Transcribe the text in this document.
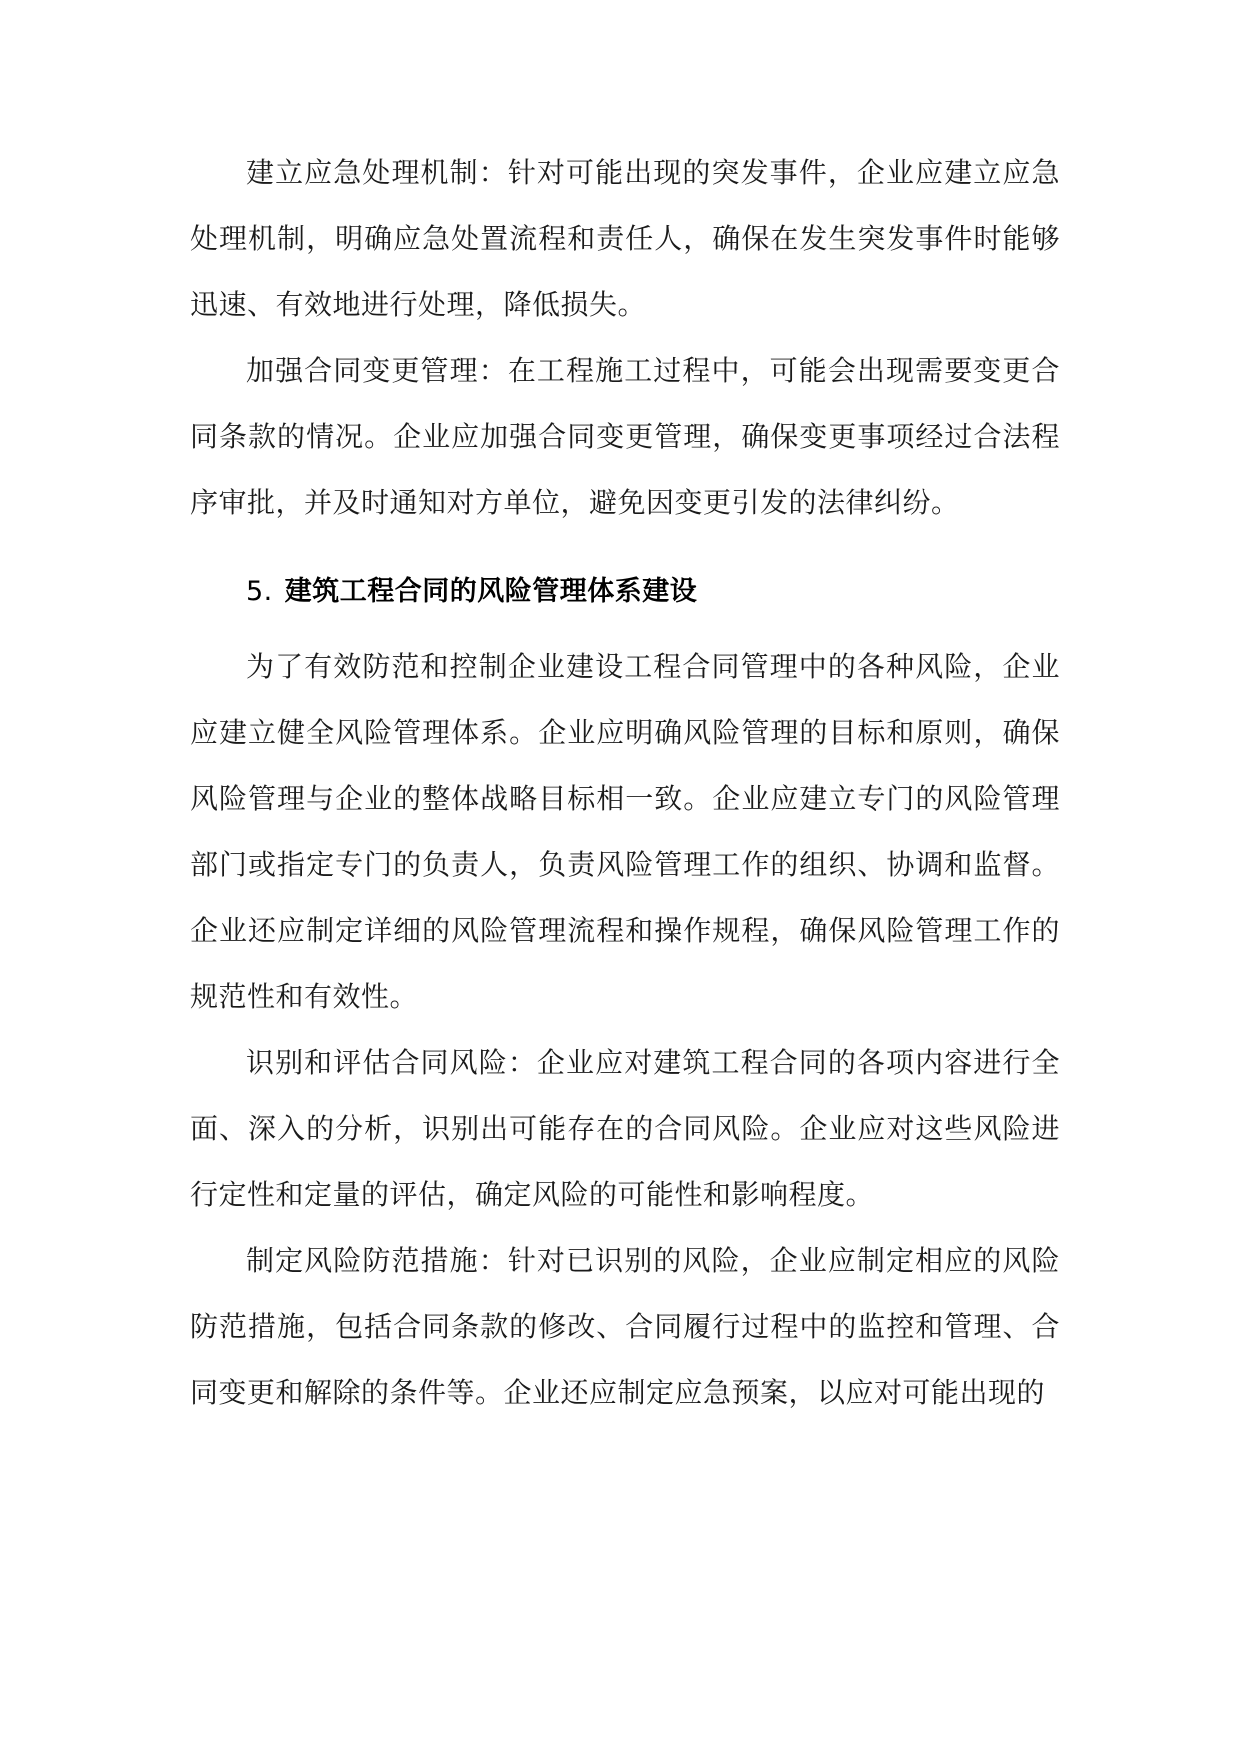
建立应急处理机制：针对可能出现的突发事件，企业应建立应急处理机制，明确应急处置流程和责任人，确保在发生突发事件时能够迅速、有效地进行处理，降低损失。

加强合同变更管理：在工程施工过程中，可能会出现需要变更合同条款的情况。企业应加强合同变更管理，确保变更事项经过合法程序审批，并及时通知对方单位，避免因变更引发的法律纠纷。

5. 建筑工程合同的风险管理体系建设

为了有效防范和控制企业建设工程合同管理中的各种风险，企业应建立健全风险管理体系。企业应明确风险管理的目标和原则，确保风险管理与企业的整体战略目标相一致。企业应建立专门的风险管理部门或指定专门的负责人，负责风险管理工作的组织、协调和监督。企业还应制定详细的风险管理流程和操作规程，确保风险管理工作的规范性和有效性。

识别和评估合同风险：企业应对建筑工程合同的各项内容进行全面、深入的分析，识别出可能存在的合同风险。企业应对这些风险进行定性和定量的评估，确定风险的可能性和影响程度。

制定风险防范措施：针对已识别的风险，企业应制定相应的风险防范措施，包括合同条款的修改、合同履行过程中的监控和管理、合同变更和解除的条件等。企业还应制定应急预案，以应对可能出现的
